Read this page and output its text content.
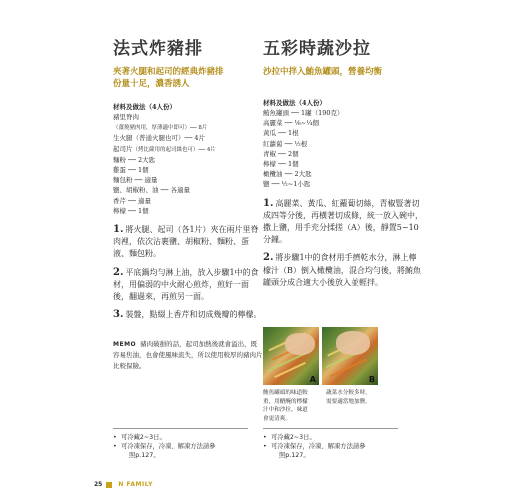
法式炸豬排
夾著火腿和起司的經典炸豬排
份量十足，濃香誘人
材料及做法（4人份）
豬里脊肉
（薑燒豬肉用，厚薄適中即可）── 8片
生火腿（普通火腿也可）── 4片
起司片（烤比薩用的起司絲也可）── 4片
麵粉 ── 2大匙
雞蛋 ── 1個
麵包粉 ── 適量
鹽、胡椒粉、油 ── 各適量
香芹 ── 適量
檸檬 ── 1個
1. 將火腿、起司（各1片）夾在兩片里脊肉裡，依次沾裹鹽、胡椒粉、麵粉、蛋液、麵包粉。
2. 平底鍋均勻淋上油，放入步驟1中的食材，用偏弱的中火耐心煎炸，煎好一面後，翻過來，再煎另一面。
3. 裝盤，點綴上香芹和切成幾瓣的檸檬。
MEMO 豬肉破損的話，起司加熱後就會溢出，既容易焦油，也會使風味流失，所以使用較厚的豬肉片比較保險。
• 可冷藏2~3日。
• 可冷凍保存，冷凍、解凍方法請參
照p.127。
五彩時蔬沙拉
沙拉中拌入鮪魚罐頭，營養均衡
材料及做法（4人份）
鮪魚罐頭 ── 1罐（190克）
高麗菜 ── ⅙~¼個
黃瓜 ── 1根
紅蘿蔔 ── ½根
青椒 ── 2個
檸檬 ── 1個
橄欖油 ── 2大匙
鹽 ── ½~1小匙
1. 高麗菜、黃瓜、紅蘿蔔切絲，青椒豎著切成四等分後，再橫著切成條，統一放入碗中，撒上鹽，用手充分揉搓（A）後，靜置5~10分鐘。
2. 將步驟1中的食材用手擠乾水分，淋上檸檬汁（B）倒入橄欖油，混合均勻後，將鮪魚罐頭分成合適大小後放入並輕拌。
A	B
鮪魚罐頭的味道較
重，用醋醃的檸檬
汁中和沙拉，味道
會更清爽。
蔬菜水分較多時，
需要適當地加鹽。
• 可冷藏2~3日。
• 可冷凍保存，冷凍、解凍方法請參
照p.127。
25	N FAMILY
